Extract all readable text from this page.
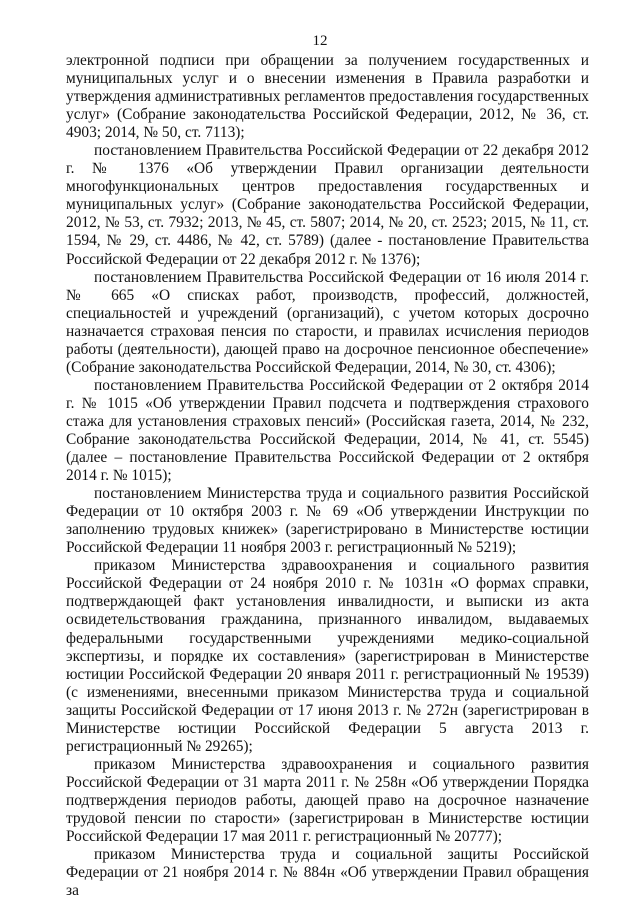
12

электронной подписи при обращении за получением государственных и муниципальных услуг и о внесении изменения в Правила разработки и утверждения административных регламентов предоставления государственных услуг» (Собрание законодательства Российской Федерации, 2012, № 36, ст. 4903; 2014, № 50, ст. 7113);

постановлением Правительства Российской Федерации от 22 декабря 2012 г. № 1376 «Об утверждении Правил организации деятельности многофункциональных центров предоставления государственных и муниципальных услуг» (Собрание законодательства Российской Федерации, 2012, № 53, ст. 7932; 2013, № 45, ст. 5807; 2014, № 20, ст. 2523; 2015, № 11, ст. 1594, № 29, ст. 4486, № 42, ст. 5789) (далее - постановление Правительства Российской Федерации от 22 декабря 2012 г. № 1376);

постановлением Правительства Российской Федерации от 16 июля 2014 г. № 665 «О списках работ, производств, профессий, должностей, специальностей и учреждений (организаций), с учетом которых досрочно назначается страховая пенсия по старости, и правилах исчисления периодов работы (деятельности), дающей право на досрочное пенсионное обеспечение» (Собрание законодательства Российской Федерации, 2014, № 30, ст. 4306);

постановлением Правительства Российской Федерации от 2 октября 2014 г. № 1015 «Об утверждении Правил подсчета и подтверждения страхового стажа для установления страховых пенсий» (Российская газета, 2014, № 232, Собрание законодательства Российской Федерации, 2014, № 41, ст. 5545) (далее – постановление Правительства Российской Федерации от 2 октября 2014 г. № 1015);

постановлением Министерства труда и социального развития Российской Федерации от 10 октября 2003 г. № 69 «Об утверждении Инструкции по заполнению трудовых книжек» (зарегистрировано в Министерстве юстиции Российской Федерации 11 ноября 2003 г. регистрационный № 5219);

приказом Министерства здравоохранения и социального развития Российской Федерации от 24 ноября 2010 г. № 1031н «О формах справки, подтверждающей факт установления инвалидности, и выписки из акта освидетельствования гражданина, признанного инвалидом, выдаваемых федеральными государственными учреждениями медико-социальной экспертизы, и порядке их составления» (зарегистрирован в Министерстве юстиции Российской Федерации 20 января 2011 г. регистрационный № 19539) (с изменениями, внесенными приказом Министерства труда и социальной защиты Российской Федерации от 17 июня 2013 г. № 272н (зарегистрирован в Министерстве юстиции Российской Федерации 5 августа 2013 г. регистрационный № 29265);

приказом Министерства здравоохранения и социального развития Российской Федерации от 31 марта 2011 г. № 258н «Об утверждении Порядка подтверждения периодов работы, дающей право на досрочное назначение трудовой пенсии по старости» (зарегистрирован в Министерстве юстиции Российской Федерации 17 мая 2011 г. регистрационный № 20777);

приказом Министерства труда и социальной защиты Российской Федерации от 21 ноября 2014 г. № 884н «Об утверждении Правил обращения за
